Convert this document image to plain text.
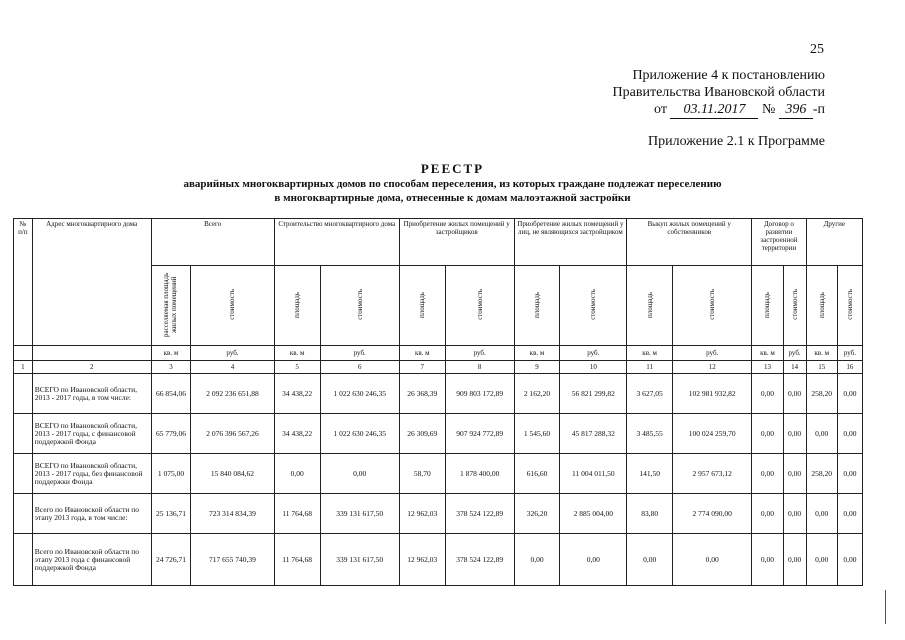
25
Приложение 4 к постановлению
Правительства Ивановской области
от 03.11.2017 № 396 -п
Приложение 2.1 к Программе
РЕЕСТР
аварийных многоквартирных домов по способам переселения, из которых граждане подлежат переселению
в многоквартирные дома, отнесенные к домам малоэтажной застройки
№ п/п	Адрес многоквартирного дома	Всего		Строительство многоквартирного дома		Приобретение жилых помещений у застройщиков		Приобретение жилых помещений у лиц, не являющихся застройщиком		Выкуп жилых помещений у собственников		Договор о развитии застроенной территории		Другие	
		расселяемая площадь жилых помещений	стоимость	площадь	стоимость	площадь	стоимость	площадь	стоимость	площадь	стоимость	площадь	стоимость	площадь	стоимость
		кв. м	руб.	кв. м	руб.	кв. м	руб.	кв. м	руб.	кв. м	руб.	кв. м	руб.	кв. м	руб.
1	2	3	4	5	6	7	8	9	10	11	12	13	14	15	16
	ВСЕГО по Ивановской области, 2013 - 2017 годы, в том числе:	66 854,06	2 092 236 651,88	34 438,22	1 022 630 246,35	26 368,39	909 803 172,89	2 162,20	56 821 299,82	3 627,05	102 981 932,82	0,00	0,00	258,20	0,00
	ВСЕГО по Ивановской области, 2013 - 2017 годы, с финансовой поддержкой Фонда	65 779,06	2 076 396 567,26	34 438,22	1 022 630 246,35	26 309,69	907 924 772,89	1 545,60	45 817 288,32	3 485,55	100 024 259,70	0,00	0,00	0,00	0,00
	ВСЕГО по Ивановской области, 2013 - 2017 годы, без финансовой поддержки Фонда	1 075,00	15 840 084,62	0,00	0,00	58,70	1 878 400,00	616,60	11 004 011,50	141,50	2 957 673,12	0,00	0,00	258,20	0,00
	Всего по Ивановской области по этапу 2013 года, в том числе:	25 136,71	723 314 834,39	11 764,68	339 131 617,50	12 962,03	378 524 122,89	326,20	2 885 004,00	83,80	2 774 090,00	0,00	0,00	0,00	0,00
	Всего по Ивановской области по этапу 2013 года с финансовой поддержкой Фонда	24 726,71	717 655 740,39	11 764,68	339 131 617,50	12 962,03	378 524 122,89	0,00	0,00	0,00	0,00	0,00	0,00	0,00	0,00
